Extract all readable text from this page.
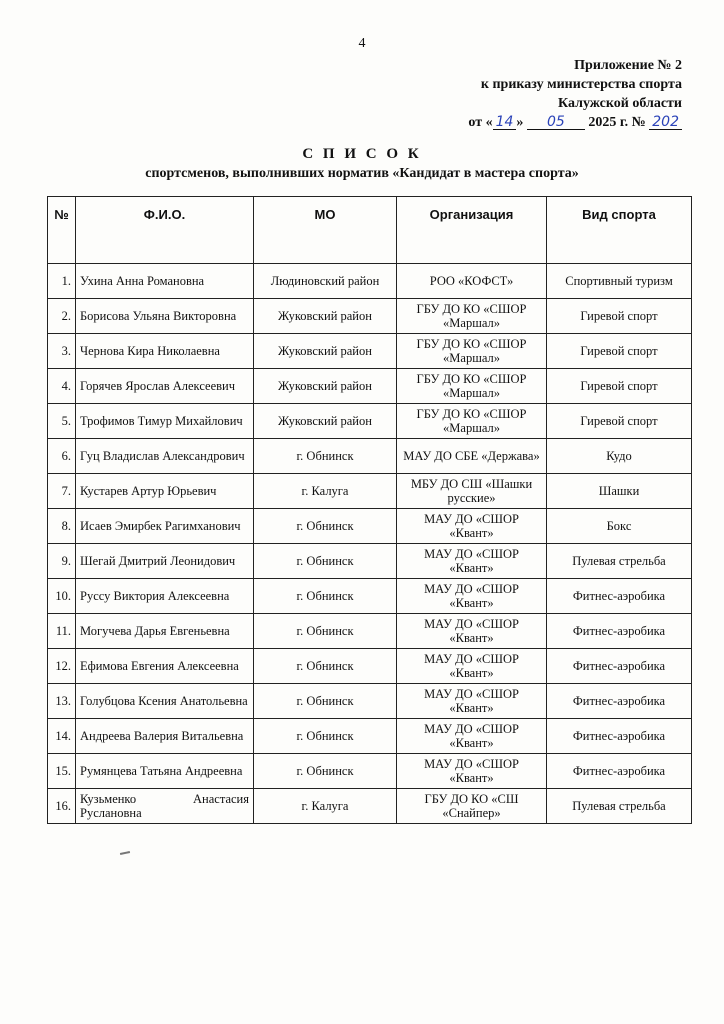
4
Приложение № 2
к приказу министерства спорта
Калужской области
от « 14 » 05 2025 г. № 202
С П И С О К
спортсменов, выполнивших норматив «Кандидат в мастера спорта»
№	Ф.И.О.	МО	Организация	Вид спорта
1.	Ухина Анна Романовна	Людиновский район	РОО «КОФСТ»	Спортивный туризм
2.	Борисова Ульяна Викторовна	Жуковский район	ГБУ ДО КО «СШОР «Маршал»	Гиревой спорт
3.	Чернова Кира Николаевна	Жуковский район	ГБУ ДО КО «СШОР «Маршал»	Гиревой спорт
4.	Горячев Ярослав Алексеевич	Жуковский район	ГБУ ДО КО «СШОР «Маршал»	Гиревой спорт
5.	Трофимов Тимур Михайлович	Жуковский район	ГБУ ДО КО «СШОР «Маршал»	Гиревой спорт
6.	Гуц Владислав Александрович	г. Обнинск	МАУ ДО СБЕ «Держава»	Кудо
7.	Кустарев Артур Юрьевич	г. Калуга	МБУ ДО СШ «Шашки русские»	Шашки
8.	Исаев Эмирбек Рагимханович	г. Обнинск	МАУ ДО «СШОР «Квант»	Бокс
9.	Шегай Дмитрий Леонидович	г. Обнинск	МАУ ДО «СШОР «Квант»	Пулевая стрельба
10.	Руссу Виктория Алексеевна	г. Обнинск	МАУ ДО «СШОР «Квант»	Фитнес-аэробика
11.	Могучева Дарья Евгеньевна	г. Обнинск	МАУ ДО «СШОР «Квант»	Фитнес-аэробика
12.	Ефимова Евгения Алексеевна	г. Обнинск	МАУ ДО «СШОР «Квант»	Фитнес-аэробика
13.	Голубцова Ксения Анатольевна	г. Обнинск	МАУ ДО «СШОР «Квант»	Фитнес-аэробика
14.	Андреева Валерия Витальевна	г. Обнинск	МАУ ДО «СШОР «Квант»	Фитнес-аэробика
15.	Румянцева Татьяна Андреевна	г. Обнинск	МАУ ДО «СШОР «Квант»	Фитнес-аэробика
16.	Кузьменко Анастасия Руслановна	г. Калуга	ГБУ ДО КО «СШ «Снайпер»	Пулевая стрельба
